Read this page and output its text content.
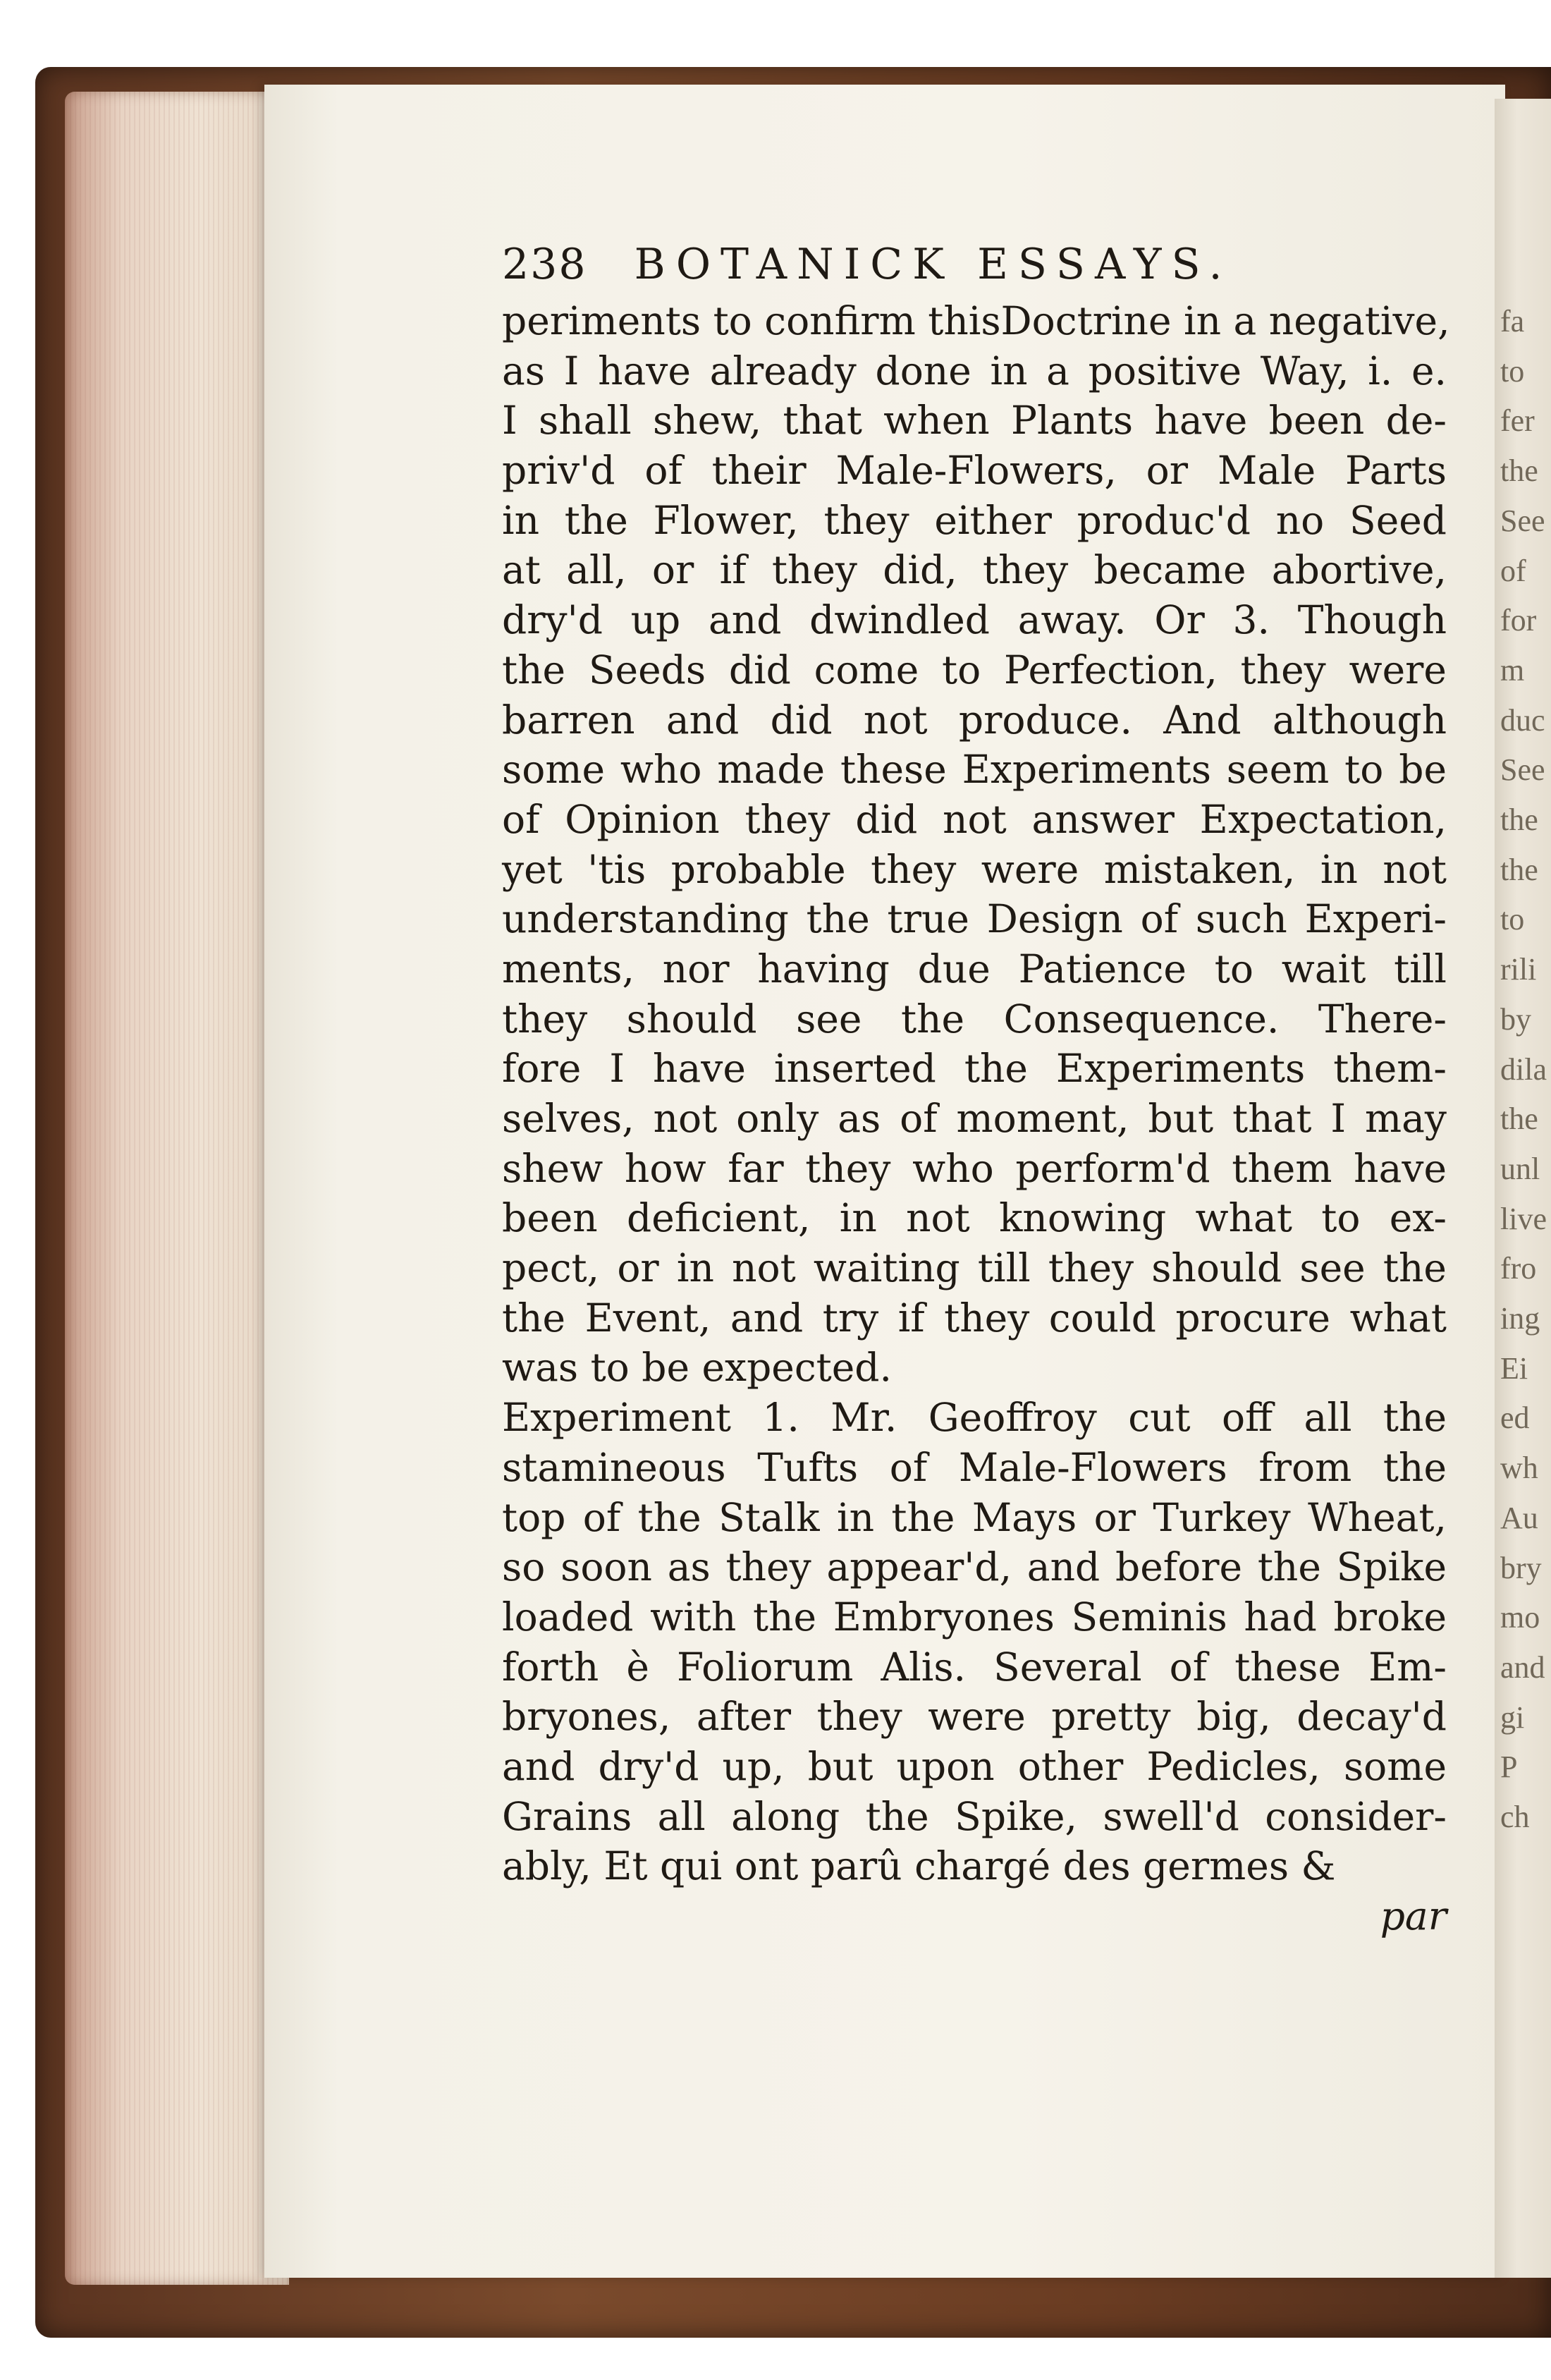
fa
to
fer
the
See
of
for
m
duc
See
the
the
to
rili
by
dila
the
unl
live
fro
ing
Ei
ed
wh
Au
bry
mo
and
gi
P
ch
238 BOTANICK ESSAYS.
periments to confirm thisDoctrine in a negative,
as I have already done in a positive Way, i. e.
I shall shew, that when Plants have been de-
priv'd of their Male-Flowers, or Male Parts
in the Flower, they either produc'd no Seed
at all, or if they did, they became abortive,
dry'd up and dwindled away. Or 3. Though
the Seeds did come to Perfection, they were
barren and did not produce. And although
some who made these Experiments seem to be
of Opinion they did not answer Expectation,
yet 'tis probable they were mistaken, in not
understanding the true Design of such Experi-
ments, nor having due Patience to wait till
they should see the Consequence. There-
fore I have inserted the Experiments them-
selves, not only as of moment, but that I may
shew how far they who perform'd them have
been deficient, in not knowing what to ex-
pect, or in not waiting till they should see the
the Event, and try if they could procure what
was to be expected.
Experiment 1. Mr. Geoffroy cut off all the
stamineous Tufts of Male-Flowers from the
top of the Stalk in the Mays or Turkey Wheat,
so soon as they appear'd, and before the Spike
loaded with the Embryones Seminis had broke
forth è Foliorum Alis. Several of these Em-
bryones, after they were pretty big, decay'd
and dry'd up, but upon other Pedicles, some
Grains all along the Spike, swell'd consider-
ably, Et qui ont parû chargé des germes &
par
